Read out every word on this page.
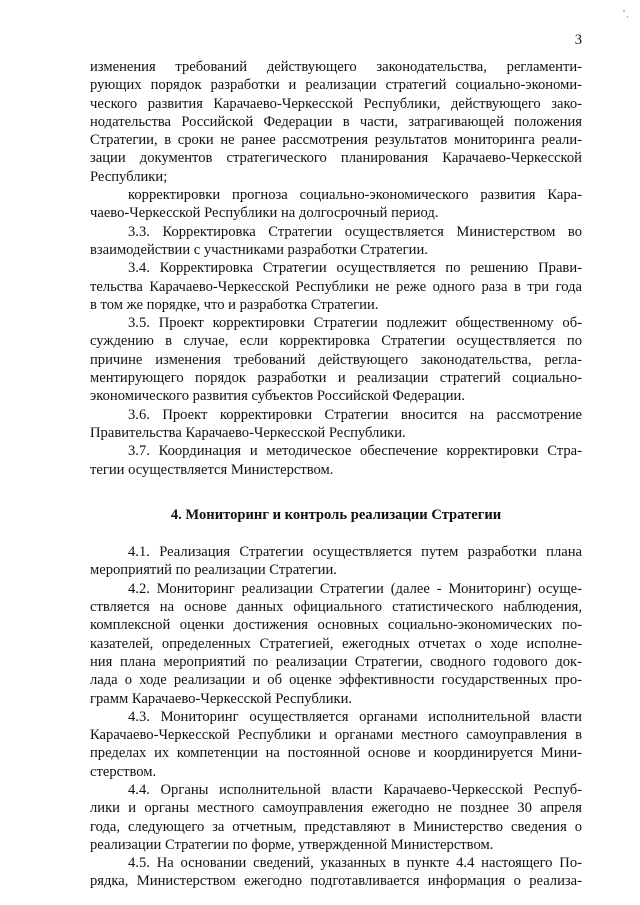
3
изменения требований действующего законодательства, регламенти-
рующих порядок разработки и реализации стратегий социально-экономи-
ческого развития Карачаево-Черкесской Республики, действующего зако-
нодательства Российской Федерации в части, затрагивающей положения
Стратегии, в сроки не ранее рассмотрения результатов мониторинга реали-
зации документов стратегического планирования Карачаево-Черкесской
Республики;
корректировки прогноза социально-экономического развития Кара-
чаево-Черкесской Республики на долгосрочный период.
3.3. Корректировка Стратегии осуществляется Министерством во
взаимодействии с участниками разработки Стратегии.
3.4. Корректировка Стратегии осуществляется по решению Прави-
тельства Карачаево-Черкесской Республики не реже одного раза в три года
в том же порядке, что и разработка Стратегии.
3.5. Проект корректировки Стратегии подлежит общественному об-
суждению в случае, если корректировка Стратегии осуществляется по
причине изменения требований действующего законодательства, регла-
ментирующего порядок разработки и реализации стратегий социально-
экономического развития субъектов Российской Федерации.
3.6. Проект корректировки Стратегии вносится на рассмотрение
Правительства Карачаево-Черкесской Республики.
3.7. Координация и методическое обеспечение корректировки Стра-
тегии осуществляется Министерством.
4. Мониторинг и контроль реализации Стратегии
4.1. Реализация Стратегии осуществляется путем разработки плана
мероприятий по реализации Стратегии.
4.2. Мониторинг реализации Стратегии (далее - Мониторинг) осуще-
ствляется на основе данных официального статистического наблюдения,
комплексной оценки достижения основных социально-экономических по-
казателей, определенных Стратегией, ежегодных отчетах о ходе исполне-
ния плана мероприятий по реализации Стратегии, сводного годового док-
лада о ходе реализации и об оценке эффективности государственных про-
грамм Карачаево-Черкесской Республики.
4.3. Мониторинг осуществляется органами исполнительной власти
Карачаево-Черкесской Республики и органами местного самоуправления в
пределах их компетенции на постоянной основе и координируется Мини-
стерством.
4.4. Органы исполнительной власти Карачаево-Черкесской Респуб-
лики и органы местного самоуправления ежегодно не позднее 30 апреля
года, следующего за отчетным, представляют в Министерство сведения о
реализации Стратегии по форме, утвержденной Министерством.
4.5. На основании сведений, указанных в пункте 4.4 настоящего По-
рядка, Министерством ежегодно подготавливается информация о реализа-
